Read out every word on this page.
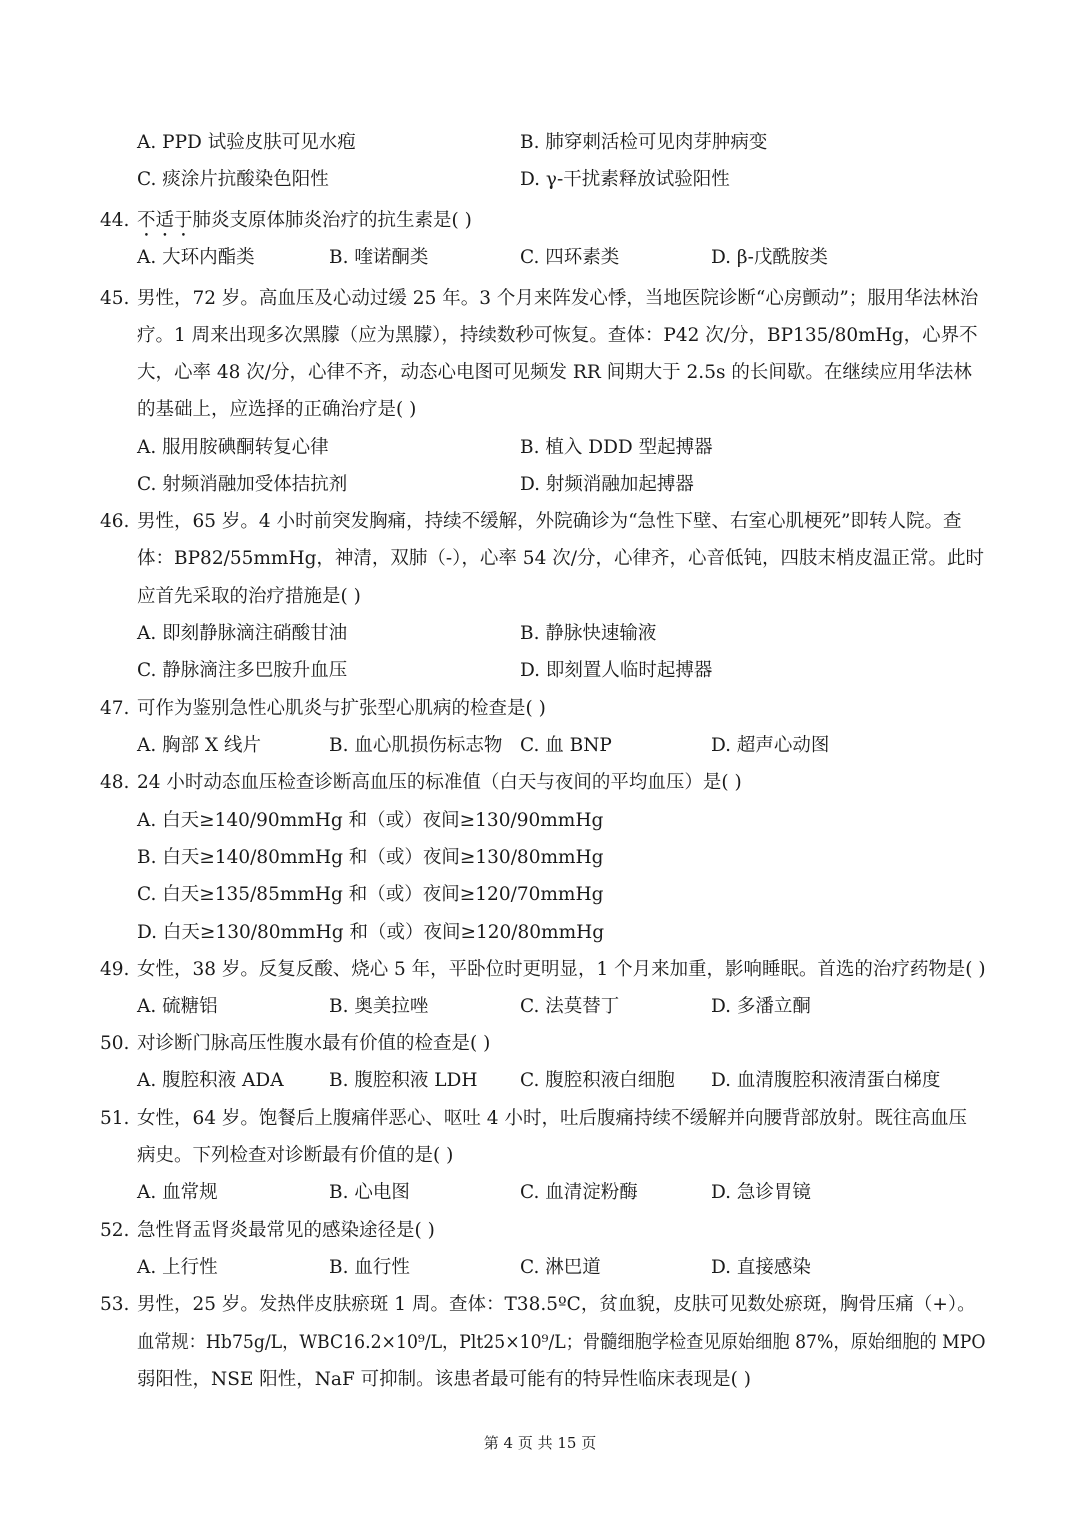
A. PPD 试验皮肤可见水疱	B. 肺穿刺活检可见肉芽肿病变
C. 痰涂片抗酸染色阳性	D. γ-干扰素释放试验阳性
44. 不适于肺炎支原体肺炎治疗的抗生素是( )
A. 大环内酯类	B. 喹诺酮类	C. 四环素类	D. β-戊酰胺类
45. 男性，72 岁。高血压及心动过缓 25 年。3 个月来阵发心悸，当地医院诊断“心房颤动”；服用华法林治
疗。1 周来出现多次黑朦（应为黑朦），持续数秒可恢复。查体：P42 次/分，BP135/80mHg，心界不
大，心率 48 次/分，心律不齐，动态心电图可见频发 RR 间期大于 2.5s 的长间歇。在继续应用华法林
的基础上，应选择的正确治疗是( )
A. 服用胺碘酮转复心律	B. 植入 DDD 型起搏器
C. 射频消融加受体拮抗剂	D. 射频消融加起搏器
46. 男性，65 岁。4 小时前突发胸痛，持续不缓解，外院确诊为“急性下壁、右室心肌梗死”即转人院。查
体：BP82/55mmHg，神清，双肺（-），心率 54 次/分，心律齐，心音低钝，四肢末梢皮温正常。此时
应首先采取的治疗措施是( )
A. 即刻静脉滴注硝酸甘油	B. 静脉快速输液
C. 静脉滴注多巴胺升血压	D. 即刻置人临时起搏器
47. 可作为鉴别急性心肌炎与扩张型心肌病的检查是( )
A. 胸部 X 线片	B. 血心肌损伤标志物 C. 血 BNP	D. 超声心动图
48. 24 小时动态血压检查诊断高血压的标准值（白天与夜间的平均血压）是( )
A. 白天≥140/90mmHg 和（或）夜间≥130/90mmHg
B. 白天≥140/80mmHg 和（或）夜间≥130/80mmHg
C. 白天≥135/85mmHg 和（或）夜间≥120/70mmHg
D. 白天≥130/80mmHg 和（或）夜间≥120/80mmHg
49. 女性，38 岁。反复反酸、烧心 5 年，平卧位时更明显，1 个月来加重，影响睡眠。首选的治疗药物是( )
A. 硫糖铝	B. 奥美拉唑	C. 法莫替丁	D. 多潘立酮
50. 对诊断门脉高压性腹水最有价值的检查是( )
A. 腹腔积液 ADA B. 腹腔积液 LDH C. 腹腔积液白细胞 D. 血清腹腔积液清蛋白梯度
51. 女性，64 岁。饱餐后上腹痛伴恶心、呕吐 4 小时，吐后腹痛持续不缓解并向腰背部放射。既往高血压
病史。下列检查对诊断最有价值的是( )
A. 血常规	B. 心电图	C. 血清淀粉酶	D. 急诊胃镜
52. 急性肾盂肾炎最常见的感染途径是( )
A. 上行性	B. 血行性	C. 淋巴道	D. 直接感染
53. 男性，25 岁。发热伴皮肤瘀斑 1 周。查体：T38.5ºC，贫血貌，皮肤可见数处瘀斑，胸骨压痛（+）。
血常规：Hb75g/L，WBC16.2×10⁹/L，Plt25×10⁹/L；骨髓细胞学检查见原始细胞 87%，原始细胞的 MPO
弱阳性，NSE 阳性，NaF 可抑制。该患者最可能有的特异性临床表现是( )
第 4 页 共 15 页
